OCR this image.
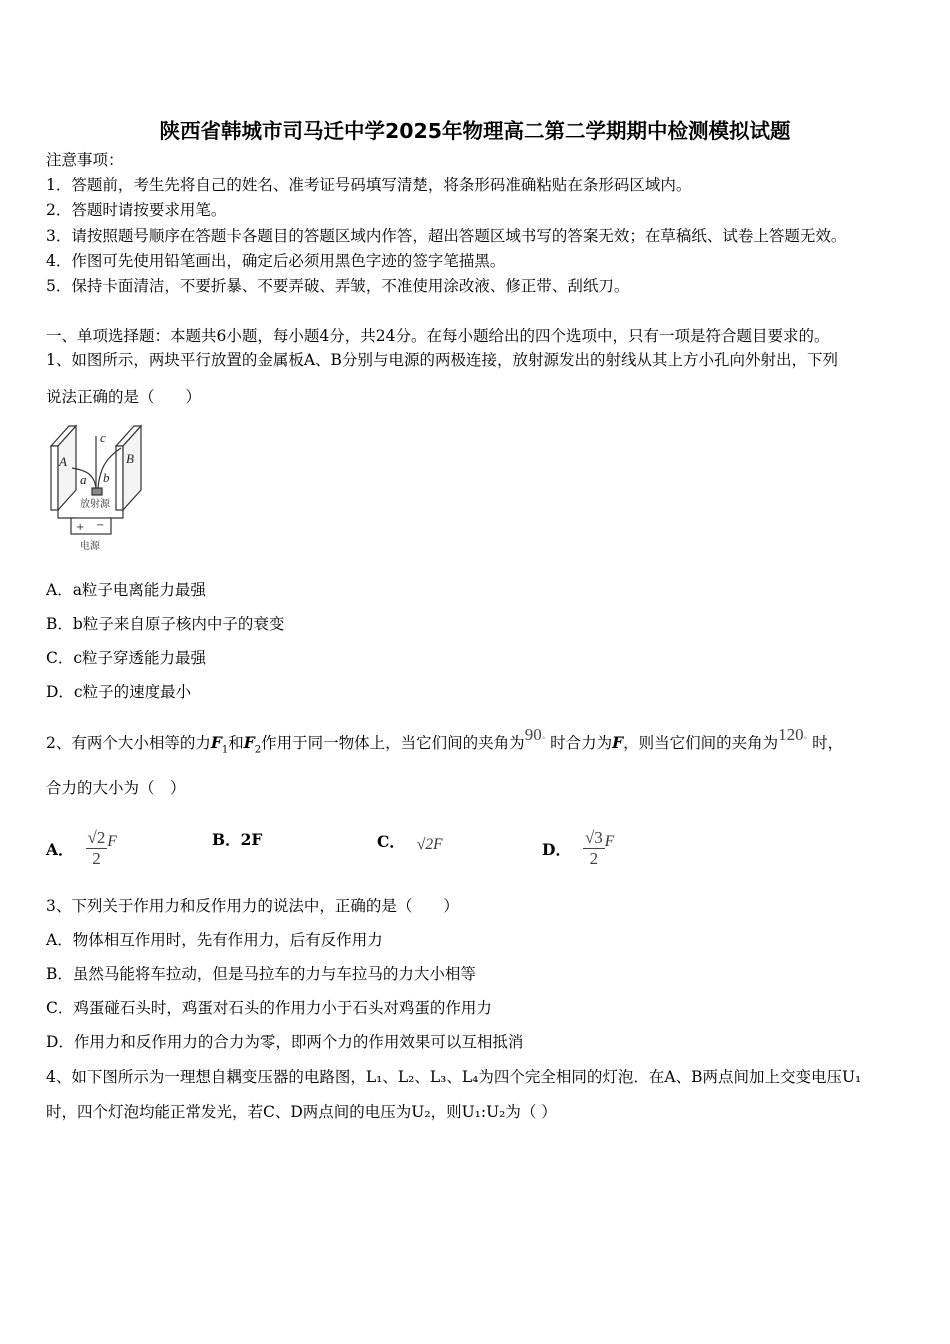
陕西省韩城市司马迁中学2025年物理高二第二学期期中检测模拟试题
注意事项：
1．答题前，考生先将自己的姓名、准考证号码填写清楚，将条形码准确粘贴在条形码区域内。
2．答题时请按要求用笔。
3．请按照题号顺序在答题卡各题目的答题区域内作答，超出答题区域书写的答案无效；在草稿纸、试卷上答题无效。
4．作图可先使用铅笔画出，确定后必须用黑色字迹的签字笔描黑。
5．保持卡面清洁，不要折暴、不要弄破、弄皱，不准使用涂改液、修正带、刮纸刀。
一、单项选择题：本题共6小题，每小题4分，共24分。在每小题给出的四个选项中，只有一项是符合题目要求的。
1、如图所示，两块平行放置的金属板A、B分别与电源的两极连接，放射源发出的射线从其上方小孔向外射出，下列
说法正确的是（　　）
A	B
a b
c
放射源
+ −
电源
A．a粒子电离能力最强
B．b粒子来自原子核内中子的衰变
C．c粒子穿透能力最强
D．c粒子的速度最小
2、有两个大小相等的力$F_1$和$F_2$作用于同一物体上，当它们间的夹角为90° 时合力为F，则当它们间的夹角为120° 时，
合力的大小为（　）
A． $\frac{√2}{2}$ F	B．2F	C． √2F	D． $\frac{√3}{2}$ F
3、下列关于作用力和反作用力的说法中，正确的是（　　）
A．物体相互作用时，先有作用力，后有反作用力
B．虽然马能将车拉动，但是马拉车的力与车拉马的力大小相等
C．鸡蛋碰石头时，鸡蛋对石头的作用力小于石头对鸡蛋的作用力
D．作用力和反作用力的合力为零，即两个力的作用效果可以互相抵消
4、如下图所示为一理想自耦变压器的电路图，L₁、L₂、L₃、L₄为四个完全相同的灯泡．在A、B两点间加上交变电压U₁
时，四个灯泡均能正常发光，若C、D两点间的电压为U₂，则U₁:U₂为（ ）
